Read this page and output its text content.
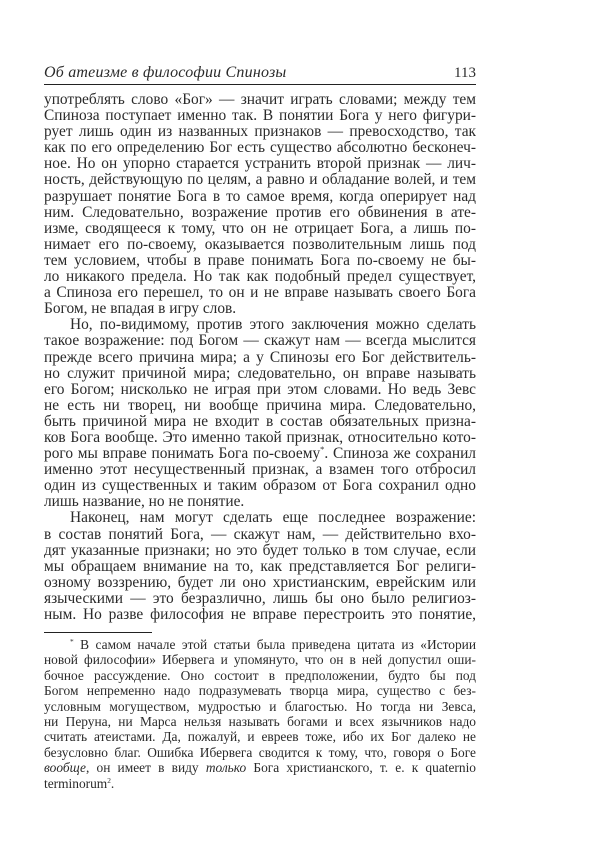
Об атеизме в философии Спинозы	113
употреблять слово «Бог» — значит играть словами; между тем
Спиноза поступает именно так. В понятии Бога у него фигури-
рует лишь один из названных признаков — превосходство, так
как по его определению Бог есть существо абсолютно бесконеч-
ное. Но он упорно старается устранить второй признак — лич-
ность, действующую по целям, а равно и обладание волей, и тем
разрушает понятие Бога в то самое время, когда оперирует над
ним. Следовательно, возражение против его обвинения в ате-
изме, сводящееся к тому, что он не отрицает Бога, а лишь по-
нимает его по-своему, оказывается позволительным лишь под
тем условием, чтобы в праве понимать Бога по-своему не бы-
ло никакого предела. Но так как подобный предел существует,
а Спиноза его перешел, то он и не вправе называть своего Бога
Богом, не впадая в игру слов.
Но, по-видимому, против этого заключения можно сделать
такое возражение: под Богом — скажут нам — всегда мыслится
прежде всего причина мира; а у Спинозы его Бог действитель-
но служит причиной мира; следовательно, он вправе называть
его Богом; нисколько не играя при этом словами. Но ведь Зевс
не есть ни творец, ни вообще причина мира. Следовательно,
быть причиной мира не входит в состав обязательных призна-
ков Бога вообще. Это именно такой признак, относительно кото-
рого мы вправе понимать Бога по-своему*. Спиноза же сохранил
именно этот несущественный признак, а взамен того отбросил
один из существенных и таким образом от Бога сохранил одно
лишь название, но не понятие.
Наконец, нам могут сделать еще последнее возражение:
в состав понятий Бога, — скажут нам, — действительно вхо-
дят указанные признаки; но это будет только в том случае, если
мы обращаем внимание на то, как представляется Бог религи-
озному воззрению, будет ли оно христианским, еврейским или
языческими — это безразлично, лишь бы оно было религиоз-
ным. Но разве философия не вправе перестроить это понятие,
* В самом начале этой статьи была приведена цитата из «Истории
новой философии» Ибервега и упомянуто, что он в ней допустил оши-
бочное рассуждение. Оно состоит в предположении, будто бы под
Богом непременно надо подразумевать творца мира, существо с без-
условным могуществом, мудростью и благостью. Но тогда ни Зевса,
ни Перуна, ни Марса нельзя называть богами и всех язычников надо
считать атеистами. Да, пожалуй, и евреев тоже, ибо их Бог далеко не
безусловно благ. Ошибка Ибервега сводится к тому, что, говоря о Боге
вообще, он имеет в виду только Бога христианского, т. е. к quaternio
terminorum$^2$.
